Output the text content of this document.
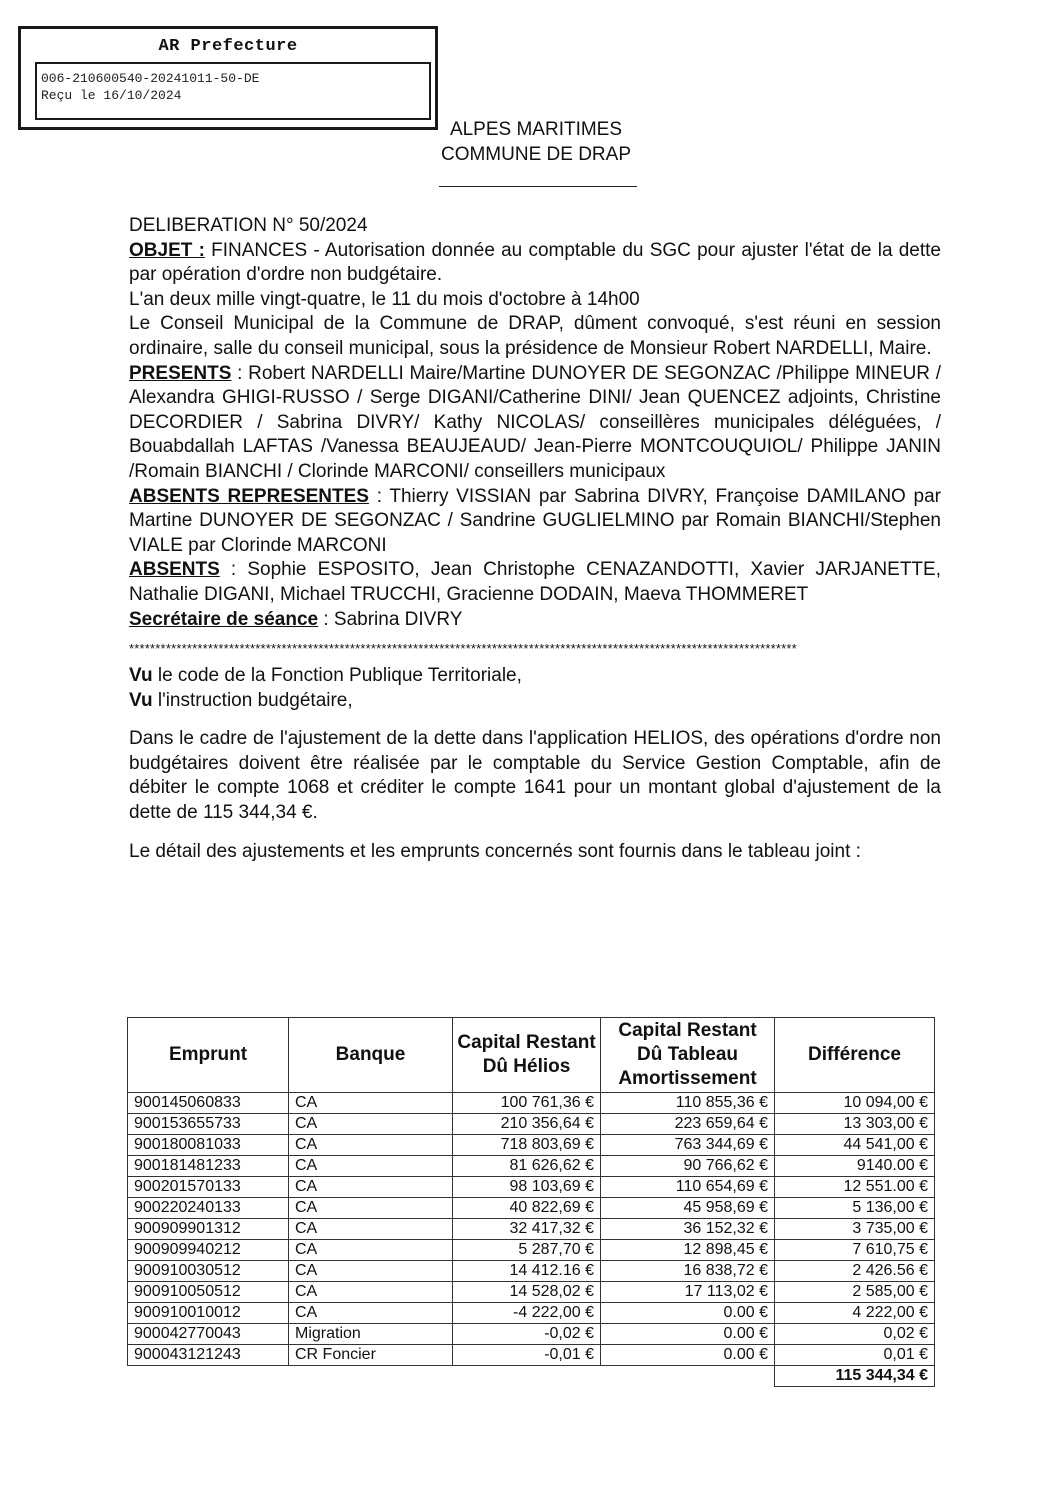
AR Prefecture
006-210600540-20241011-50-DE
Reçu le 16/10/2024
ALPES MARITIMES
COMMUNE DE DRAP

DELIBERATION N° 50/2024

OBJET : FINANCES - Autorisation donnée au comptable du SGC pour ajuster l'état de la dette par opération d'ordre non budgétaire.

L'an deux mille vingt-quatre, le 11 du mois d'octobre à 14h00

Le Conseil Municipal de la Commune de DRAP, dûment convoqué, s'est réuni en session ordinaire, salle du conseil municipal, sous la présidence de Monsieur Robert NARDELLI, Maire.

PRESENTS : Robert NARDELLI Maire/Martine DUNOYER DE SEGONZAC /Philippe MINEUR / Alexandra GHIGI-RUSSO / Serge DIGANI/Catherine DINI/ Jean QUENCEZ adjoints, Christine DECORDIER / Sabrina DIVRY/ Kathy NICOLAS/ conseillères municipales déléguées, / Bouabdallah LAFTAS /Vanessa BEAUJEAUD/ Jean-Pierre MONTCOUQUIOL/ Philippe JANIN /Romain BIANCHI / Clorinde MARCONI/ conseillers municipaux

ABSENTS REPRESENTES : Thierry VISSIAN par Sabrina DIVRY, Françoise DAMILANO par Martine DUNOYER DE SEGONZAC / Sandrine GUGLIELMINO par Romain BIANCHI/Stephen VIALE par Clorinde MARCONI

ABSENTS : Sophie ESPOSITO, Jean Christophe CENAZANDOTTI, Xavier JARJANETTE, Nathalie DIGANI, Michael TRUCCHI, Gracienne DODAIN, Maeva THOMMERET

Secrétaire de séance : Sabrina DIVRY

*******************************************************************************************************************************

Vu le code de la Fonction Publique Territoriale,

Vu l'instruction budgétaire,

Dans le cadre de l'ajustement de la dette dans l'application HELIOS, des opérations d'ordre non budgétaires doivent être réalisée par le comptable du Service Gestion Comptable, afin de débiter le compte 1068 et créditer le compte 1641 pour un montant global d'ajustement de la dette de 115 344,34 €.

Le détail des ajustements et les emprunts concernés sont fournis dans le tableau joint :

Emprunt	Banque	Capital Restant Dû Hélios	Capital Restant Dû Tableau Amortissement	Différence
900145060833	CA	100 761,36 €	110 855,36 €	10 094,00 €
900153655733	CA	210 356,64 €	223 659,64 €	13 303,00 €
900180081033	CA	718 803,69 €	763 344,69 €	44 541,00 €
900181481233	CA	81 626,62 €	90 766,62 €	9140.00 €
900201570133	CA	98 103,69 €	110 654,69 €	12 551.00 €
900220240133	CA	40 822,69 €	45 958,69 €	5 136,00 €
900909901312	CA	32 417,32 €	36 152,32 €	3 735,00 €
900909940212	CA	5 287,70 €	12 898,45 €	7 610,75 €
900910030512	CA	14 412.16 €	16 838,72 €	2 426.56 €
900910050512	CA	14 528,02 €	17 113,02 €	2 585,00 €
900910010012	CA	-4 222,00 €	0.00 €	4 222,00 €
900042770043	Migration	-0,02 €	0.00 €	0,02 €
900043121243	CR Foncier	-0,01 €	0.00 €	0,01 €
				115 344,34 €
